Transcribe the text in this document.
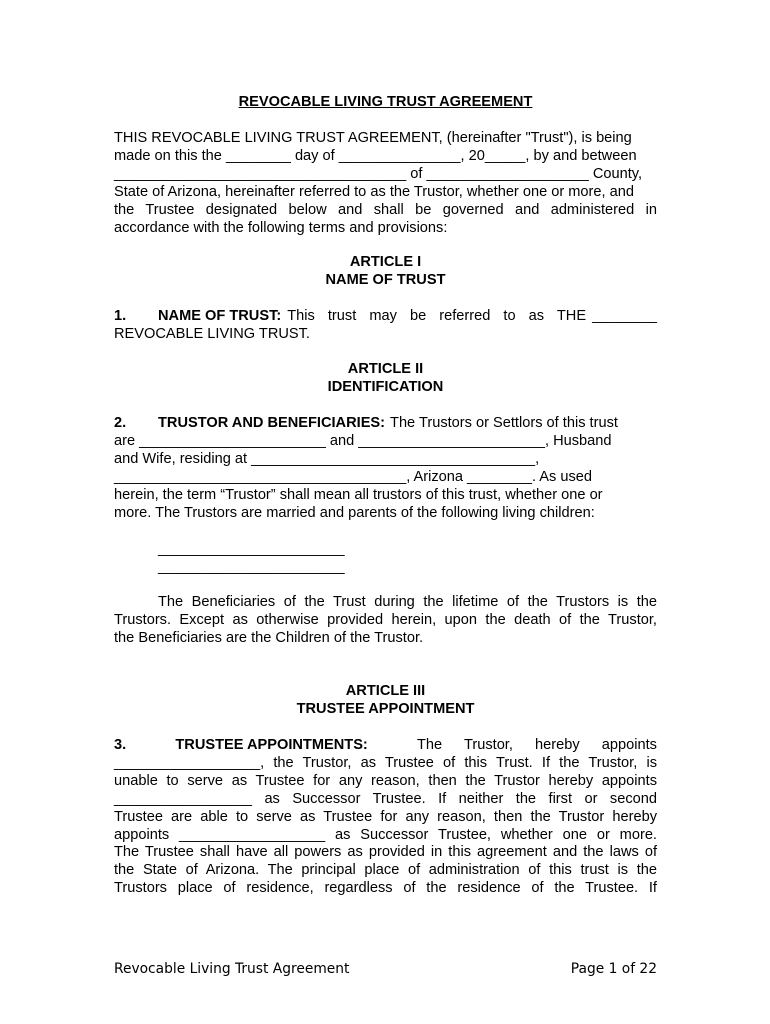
REVOCABLE LIVING TRUST AGREEMENT
THIS REVOCABLE LIVING TRUST AGREEMENT, (hereinafter "Trust"), is being
made on this the ________ day of _______________, 20_____, by and between
____________________________________ of ____________________ County,
State of Arizona, hereinafter referred to as the Trustor, whether one or more, and
the Trustee designated below and shall be governed and administered in
accordance with the following terms and provisions:
ARTICLE I
NAME OF TRUST
1.	NAME OF TRUST: This trust may be referred to as THE ________
REVOCABLE LIVING TRUST.
ARTICLE II
IDENTIFICATION
2.	TRUSTOR AND BENEFICIARIES: The Trustors or Settlors of this trust
are _______________________ and _______________________, Husband
and Wife, residing at ___________________________________,
____________________________________, Arizona ________. As used
herein, the term “Trustor” shall mean all trustors of this trust, whether one or
more. The Trustors are married and parents of the following living children:
_______________________
_______________________
The Beneficiaries of the Trust during the lifetime of the Trustors is the
Trustors. Except as otherwise provided herein, upon the death of the Trustor,
the Beneficiaries are the Children of the Trustor.
ARTICLE III
TRUSTEE APPOINTMENT
3.	TRUSTEE APPOINTMENTS:	The Trustor, hereby appoints
__________________, the Trustor, as Trustee of this Trust. If the Trustor, is
unable to serve as Trustee for any reason, then the Trustor hereby appoints
_________________ as Successor Trustee. If neither the first or second
Trustee are able to serve as Trustee for any reason, then the Trustor hereby
appoints __________________ as Successor Trustee, whether one or more.
The Trustee shall have all powers as provided in this agreement and the laws of
the State of Arizona. The principal place of administration of this trust is the
Trustors place of residence, regardless of the residence of the Trustee. If
Revocable Living Trust Agreement	Page 1 of 22
